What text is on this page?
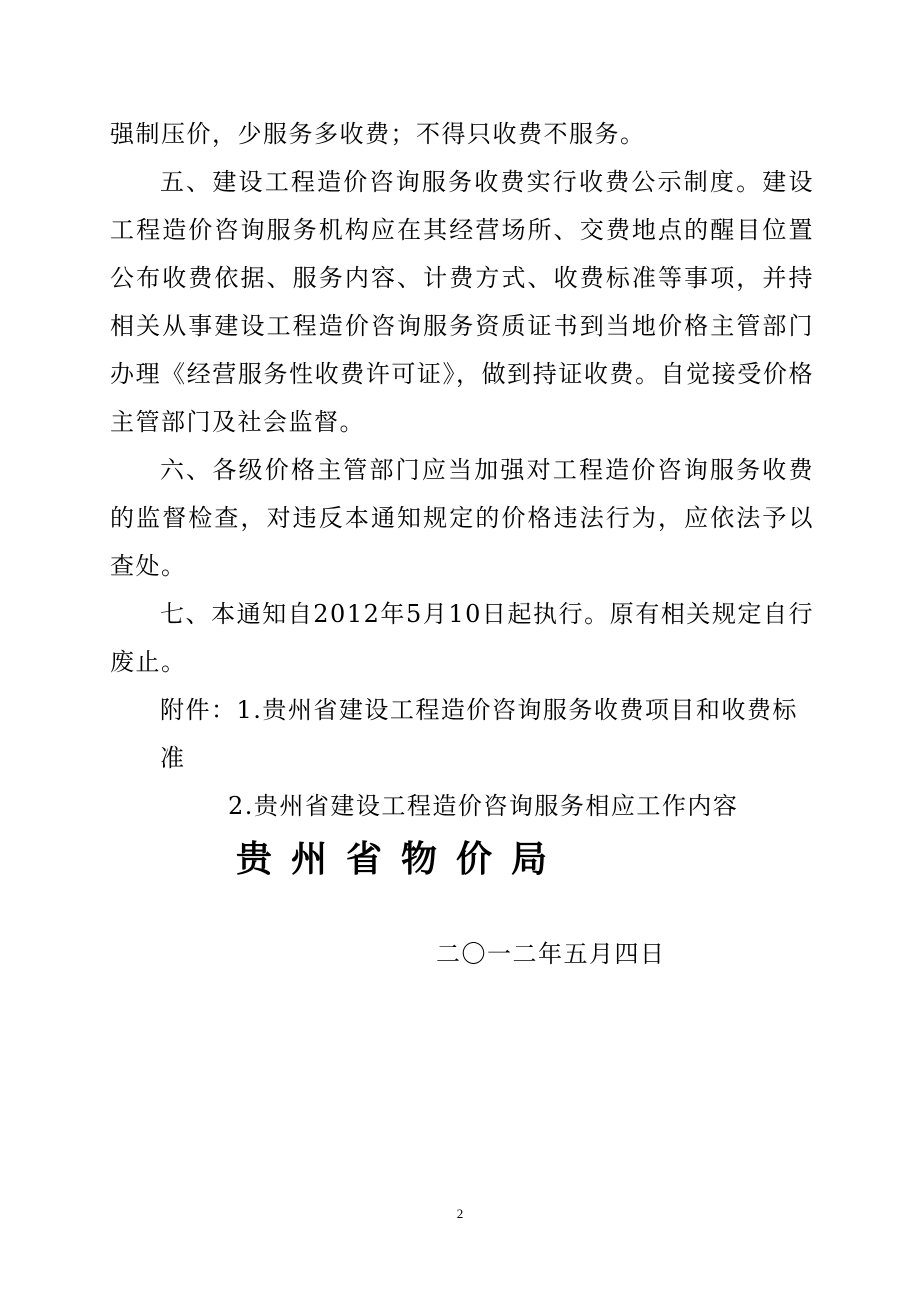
强制压价，少服务多收费；不得只收费不服务。

五、建设工程造价咨询服务收费实行收费公示制度。建设工程造价咨询服务机构应在其经营场所、交费地点的醒目位置公布收费依据、服务内容、计费方式、收费标准等事项，并持相关从事建设工程造价咨询服务资质证书到当地价格主管部门办理《经营服务性收费许可证》，做到持证收费。自觉接受价格主管部门及社会监督。

六、各级价格主管部门应当加强对工程造价咨询服务收费的监督检查，对违反本通知规定的价格违法行为，应依法予以查处。

七、本通知自2012年5月10日起执行。原有相关规定自行废止。

附件：1.贵州省建设工程造价咨询服务收费项目和收费标准

2.贵州省建设工程造价咨询服务相应工作内容

贵州省物价局
二〇一二年五月四日
2
